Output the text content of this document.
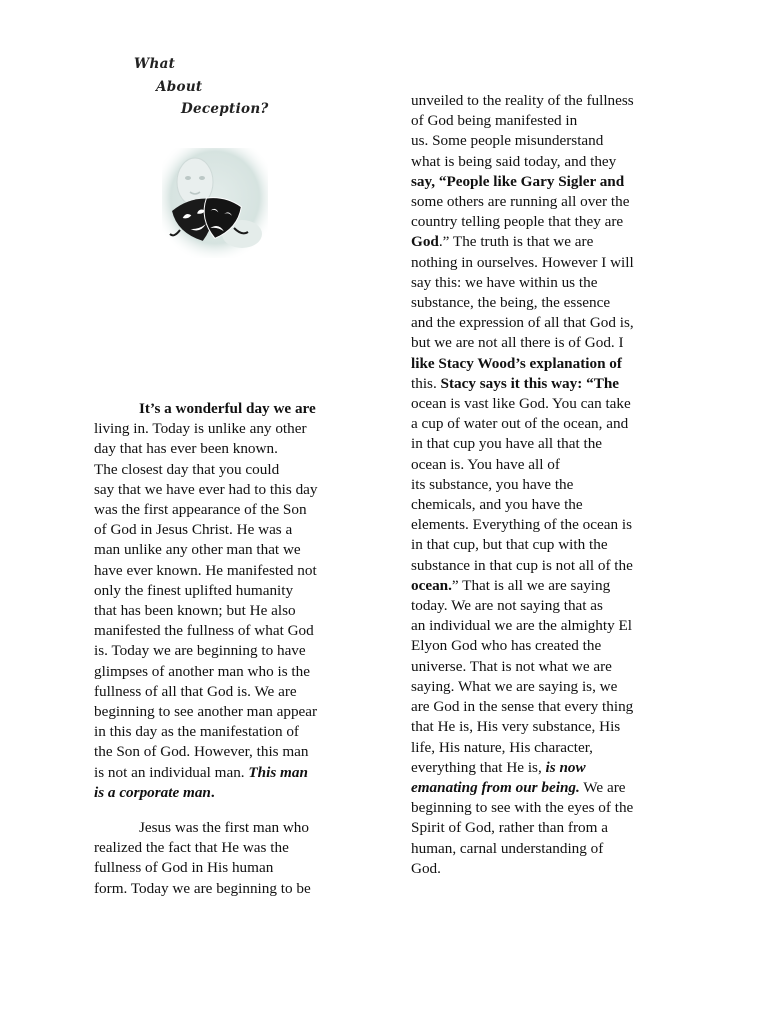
What
About
Deception?
It’s a wonderful day we are
living in. Today is unlike any other
day that has ever been known.
The closest day that you could
say that we have ever had to this day
was the first appearance of the Son
of God in Jesus Christ. He was a
man unlike any other man that we
have ever known. He manifested not
only the finest uplifted humanity
that has been known; but He also
manifested the fullness of what God
is. Today we are beginning to have
glimpses of another man who is the
fullness of all that God is. We are
beginning to see another man appear
in this day as the manifestation of
the Son of God. However, this man
is not an individual man. This man
is a corporate man.
Jesus was the first man who
realized the fact that He was the
fullness of God in His human
form. Today we are beginning to be
unveiled to the reality of the fullness
of God being manifested in
us. Some people misunderstand
what is being said today, and they
say, “People like Gary Sigler and
some others are running all over the
country telling people that they are
God.” The truth is that we are
nothing in ourselves. However I will
say this: we have within us the
substance, the being, the essence
and the expression of all that God is,
but we are not all there is of God. I
like Stacy Wood’s explanation of
this. Stacy says it this way: “The
ocean is vast like God. You can take
a cup of water out of the ocean, and
in that cup you have all that the
ocean is. You have all of
its substance, you have the
chemicals, and you have the
elements. Everything of the ocean is
in that cup, but that cup with the
substance in that cup is not all of the
ocean.” That is all we are saying
today. We are not saying that as
an individual we are the almighty El
Elyon God who has created the
universe. That is not what we are
saying. What we are saying is, we
are God in the sense that every thing
that He is, His very substance, His
life, His nature, His character,
everything that He is, is now
emanating from our being. We are
beginning to see with the eyes of the
Spirit of God, rather than from a
human, carnal understanding of
God.
